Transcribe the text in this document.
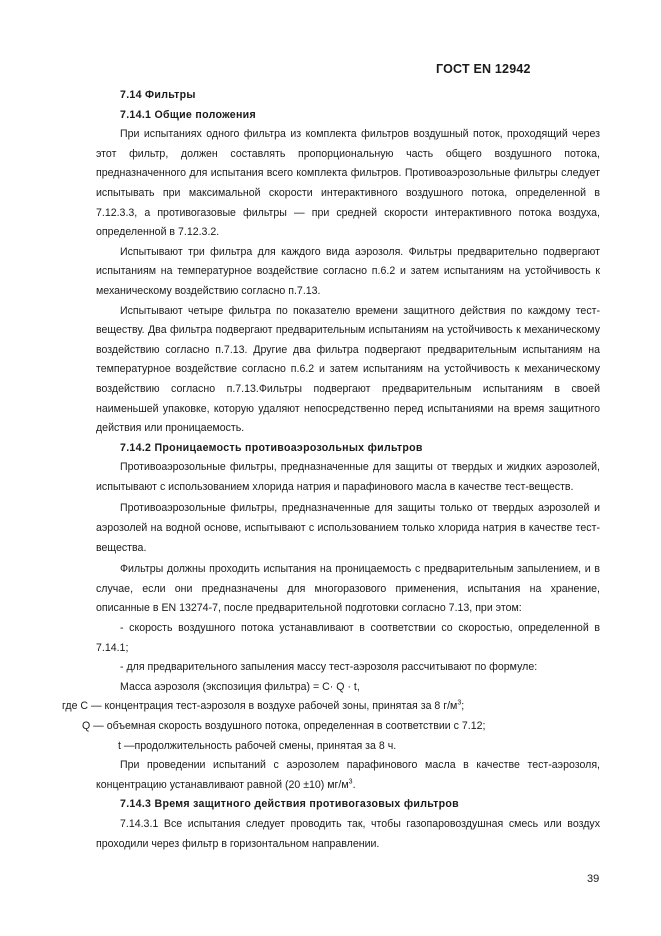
ГОСТ EN 12942

7.14 Фильтры

7.14.1 Общие положения

При испытаниях одного фильтра из комплекта фильтров воздушный поток, проходящий через этот фильтр, должен составлять пропорциональную часть общего воздушного потока, предназначенного для испытания всего комплекта фильтров. Противоаэрозольные фильтры следует испытывать при максимальной скорости интерактивного воздушного потока, определенной в 7.12.3.3, а противогазовые фильтры — при средней скорости интерактивного потока воздуха, определенной в 7.12.3.2.

Испытывают три фильтра для каждого вида аэрозоля. Фильтры предварительно подвергают испытаниям на температурное воздействие согласно п.6.2 и затем испытаниям на устойчивость к механическому воздействию согласно п.7.13.

Испытывают четыре фильтра по показателю времени защитного действия по каждому тест-веществу. Два фильтра подвергают предварительным испытаниям на устойчивость к механическому воздействию согласно п.7.13. Другие два фильтра подвергают предварительным испытаниям на температурное воздействие согласно п.6.2 и затем испытаниям на устойчивость к механическому воздействию согласно п.7.13.Фильтры подвергают предварительным испытаниям в своей наименьшей упаковке, которую удаляют непосредственно перед испытаниями на время защитного действия или проницаемость.

7.14.2 Проницаемость противоаэрозольных фильтров

Противоаэрозольные фильтры, предназначенные для защиты от твердых и жидких аэрозолей, испытывают с использованием хлорида натрия и парафинового масла в качестве тест-веществ.

Противоаэрозольные фильтры, предназначенные для защиты только от твердых аэрозолей и аэрозолей на водной основе, испытывают с использованием только хлорида натрия в качестве тест-вещества.

Фильтры должны проходить испытания на проницаемость с предварительным запылением, и в случае, если они предназначены для многоразового применения, испытания на хранение, описанные в EN 13274-7, после предварительной подготовки согласно 7.13, при этом:

- скорость воздушного потока устанавливают в соответствии со скоростью, определенной в 7.14.1;

- для предварительного запыления массу тест-аэрозоля рассчитывают по формуле:

Масса аэрозоля (экспозиция фильтра) = C· Q · t,

где C — концентрация тест-аэрозоля в воздухе рабочей зоны, принятая за 8 $г/м^3$;

Q — объемная скорость воздушного потока, определенная в соответствии с 7.12;

t —продолжительность рабочей смены, принятая за 8 ч.

При проведении испытаний с аэрозолем парафинового масла в качестве тест-аэрозоля, концентрацию устанавливают равной (20 ±10) $мг/м^3$.

7.14.3 Время защитного действия противогазовых фильтров

7.14.3.1 Все испытания следует проводить так, чтобы газопаровоздушная смесь или воздух проходили через фильтр в горизонтальном направлении.

39
